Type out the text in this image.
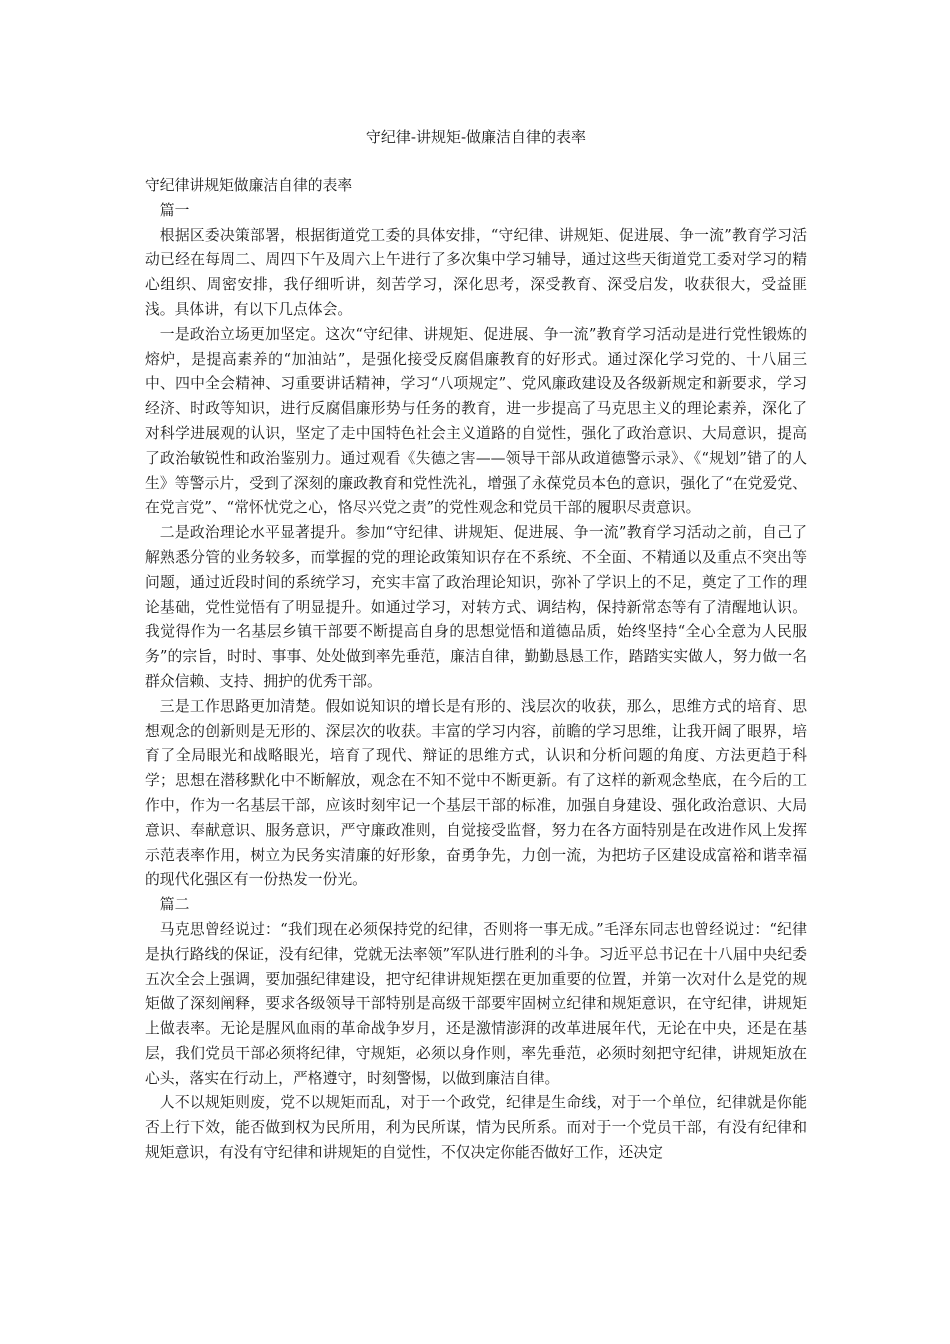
守纪律-讲规矩-做廉洁自律的表率

守纪律讲规矩做廉洁自律的表率

篇一

根据区委决策部署，根据街道党工委的具体安排，“守纪律、讲规矩、促进展、争一流”教育学习活动已经在每周二、周四下午及周六上午进行了多次集中学习辅导，通过这些天街道党工委对学习的精心组织、周密安排，我仔细听讲，刻苦学习，深化思考，深受教育、深受启发，收获很大，受益匪浅。具体讲，有以下几点体会。

一是政治立场更加坚定。这次“守纪律、讲规矩、促进展、争一流”教育学习活动是进行党性锻炼的熔炉，是提高素养的“加油站”，是强化接受反腐倡廉教育的好形式。通过深化学习党的、十八届三中、四中全会精神、习重要讲话精神，学习“八项规定”、党风廉政建设及各级新规定和新要求，学习经济、时政等知识，进行反腐倡廉形势与任务的教育，进一步提高了马克思主义的理论素养，深化了对科学进展观的认识，坚定了走中国特色社会主义道路的自觉性，强化了政治意识、大局意识，提高了政治敏锐性和政治鉴别力。通过观看《失德之害——领导干部从政道德警示录》、《“规划”错了的人生》等警示片，受到了深刻的廉政教育和党性洗礼，增强了永葆党员本色的意识，强化了“在党爱党、在党言党”、“常怀忧党之心，恪尽兴党之责”的党性观念和党员干部的履职尽责意识。

二是政治理论水平显著提升。参加“守纪律、讲规矩、促进展、争一流”教育学习活动之前，自己了解熟悉分管的业务较多，而掌握的党的理论政策知识存在不系统、不全面、不精通以及重点不突出等问题，通过近段时间的系统学习，充实丰富了政治理论知识，弥补了学识上的不足，奠定了工作的理论基础，党性觉悟有了明显提升。如通过学习，对转方式、调结构，保持新常态等有了清醒地认识。我觉得作为一名基层乡镇干部要不断提高自身的思想觉悟和道德品质，始终坚持“全心全意为人民服务”的宗旨，时时、事事、处处做到率先垂范，廉洁自律，勤勤恳恳工作，踏踏实实做人，努力做一名群众信赖、支持、拥护的优秀干部。

三是工作思路更加清楚。假如说知识的增长是有形的、浅层次的收获，那么，思维方式的培育、思想观念的创新则是无形的、深层次的收获。丰富的学习内容，前瞻的学习思维，让我开阔了眼界，培育了全局眼光和战略眼光，培育了现代、辩证的思维方式，认识和分析问题的角度、方法更趋于科学；思想在潜移默化中不断解放，观念在不知不觉中不断更新。有了这样的新观念垫底，在今后的工作中，作为一名基层干部，应该时刻牢记一个基层干部的标准，加强自身建设、强化政治意识、大局意识、奉献意识、服务意识，严守廉政准则，自觉接受监督，努力在各方面特别是在改进作风上发挥示范表率作用，树立为民务实清廉的好形象，奋勇争先，力创一流，为把坊子区建设成富裕和谐幸福的现代化强区有一份热发一份光。

篇二

马克思曾经说过：“我们现在必须保持党的纪律，否则将一事无成。”毛泽东同志也曾经说过：“纪律是执行路线的保证，没有纪律，党就无法率领”军队进行胜利的斗争。习近平总书记在十八届中央纪委五次全会上强调，要加强纪律建设，把守纪律讲规矩摆在更加重要的位置，并第一次对什么是党的规矩做了深刻阐释，要求各级领导干部特别是高级干部要牢固树立纪律和规矩意识，在守纪律，讲规矩上做表率。无论是腥风血雨的革命战争岁月，还是激情澎湃的改革进展年代，无论在中央，还是在基层，我们党员干部必须将纪律，守规矩，必须以身作则，率先垂范，必须时刻把守纪律，讲规矩放在心头，落实在行动上，严格遵守，时刻警惕，以做到廉洁自律。

人不以规矩则废，党不以规矩而乱，对于一个政党，纪律是生命线，对于一个单位，纪律就是你能否上行下效，能否做到权为民所用，利为民所谋，情为民所系。而对于一个党员干部，有没有纪律和规矩意识，有没有守纪律和讲规矩的自觉性，不仅决定你能否做好工作，还决定
